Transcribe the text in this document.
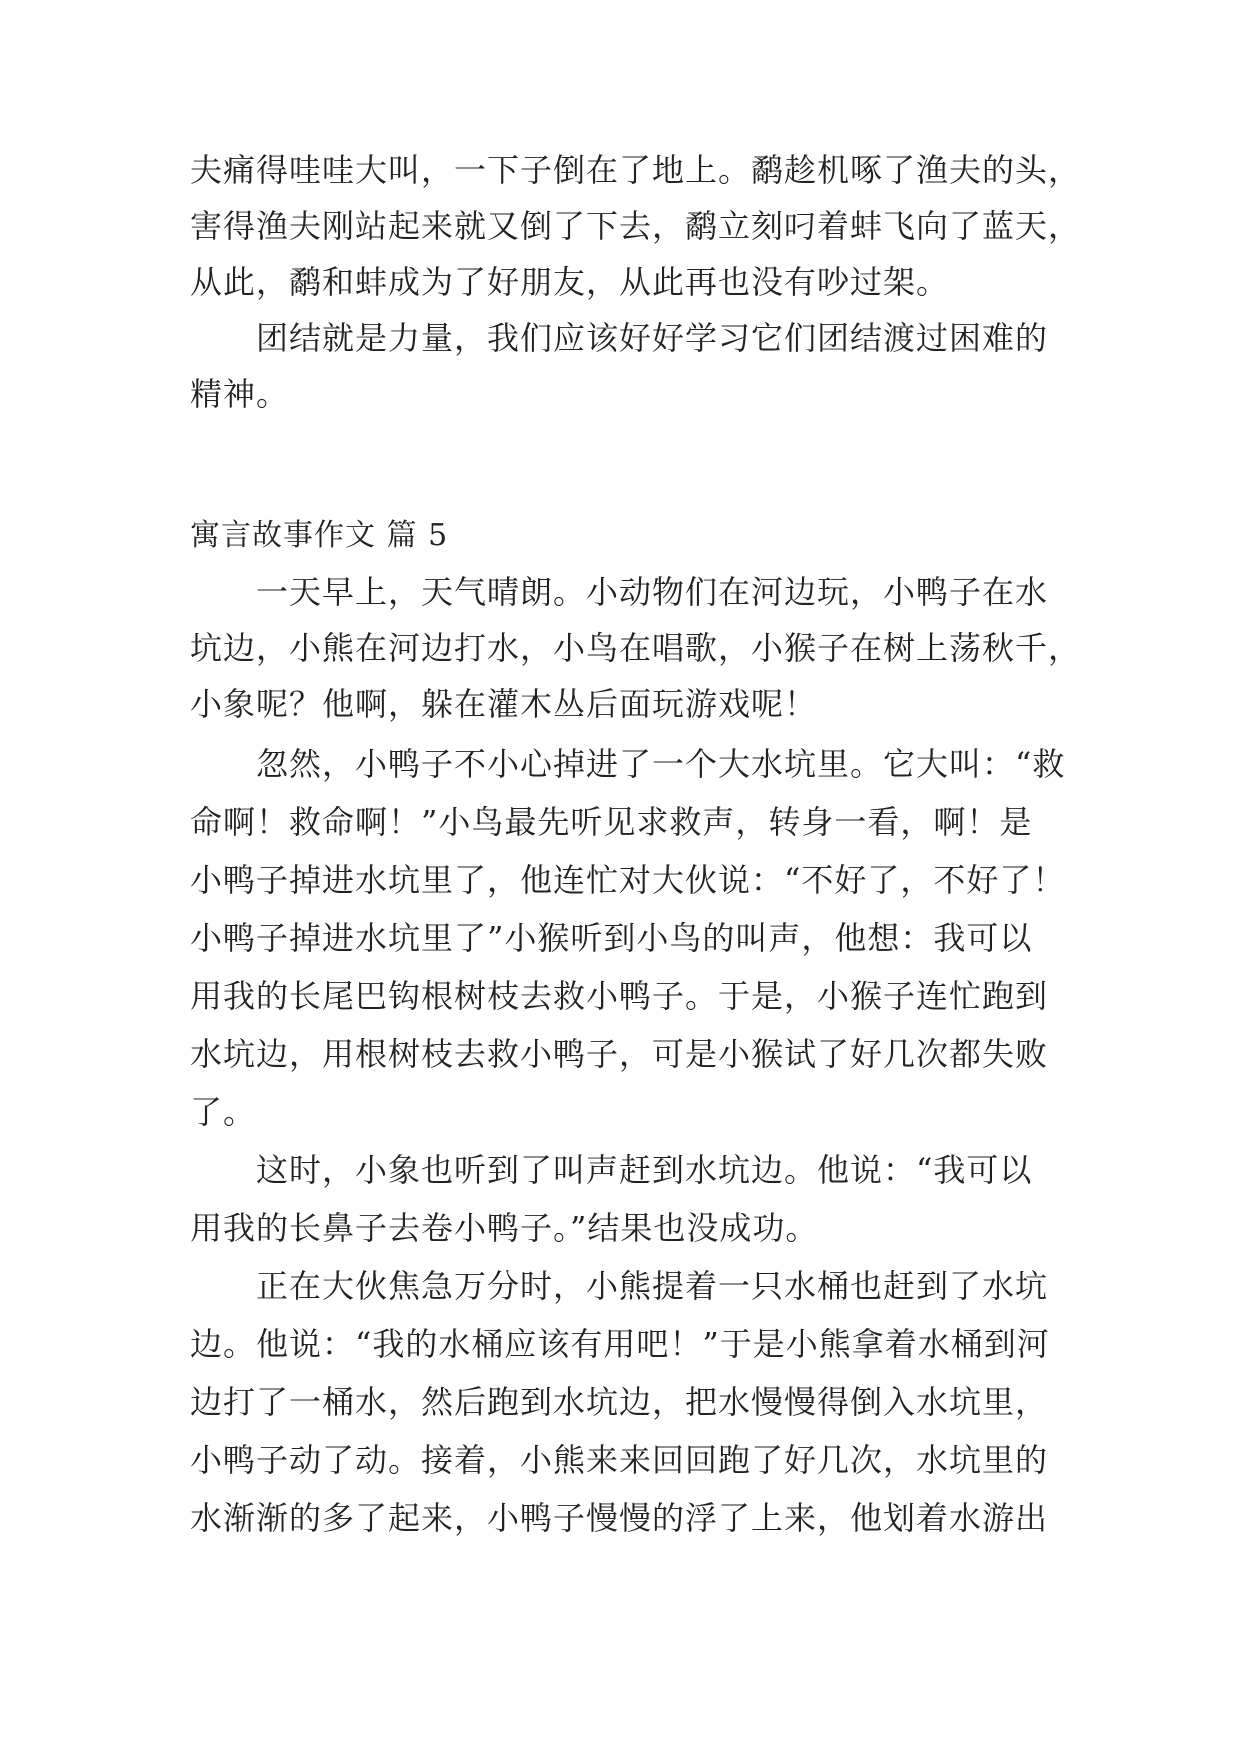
夫痛得哇哇大叫，一下子倒在了地上。鹬趁机啄了渔夫的头，
害得渔夫刚站起来就又倒了下去，鹬立刻叼着蚌飞向了蓝天，
从此，鹬和蚌成为了好朋友，从此再也没有吵过架。
团结就是力量，我们应该好好学习它们团结渡过困难的
精神。
寓言故事作文 篇 5
一天早上，天气晴朗。小动物们在河边玩，小鸭子在水
坑边，小熊在河边打水，小鸟在唱歌，小猴子在树上荡秋千，
小象呢？他啊，躲在灌木丛后面玩游戏呢！
忽然，小鸭子不小心掉进了一个大水坑里。它大叫：“救
命啊！救命啊！”小鸟最先听见求救声，转身一看，啊！是
小鸭子掉进水坑里了，他连忙对大伙说：“不好了，不好了！
小鸭子掉进水坑里了”小猴听到小鸟的叫声，他想：我可以
用我的长尾巴钩根树枝去救小鸭子。于是，小猴子连忙跑到
水坑边，用根树枝去救小鸭子，可是小猴试了好几次都失败
了。
这时，小象也听到了叫声赶到水坑边。他说：“我可以
用我的长鼻子去卷小鸭子。”结果也没成功。
正在大伙焦急万分时，小熊提着一只水桶也赶到了水坑
边。他说：“我的水桶应该有用吧！”于是小熊拿着水桶到河
边打了一桶水，然后跑到水坑边，把水慢慢得倒入水坑里，
小鸭子动了动。接着，小熊来来回回跑了好几次，水坑里的
水渐渐的多了起来，小鸭子慢慢的浮了上来，他划着水游出
